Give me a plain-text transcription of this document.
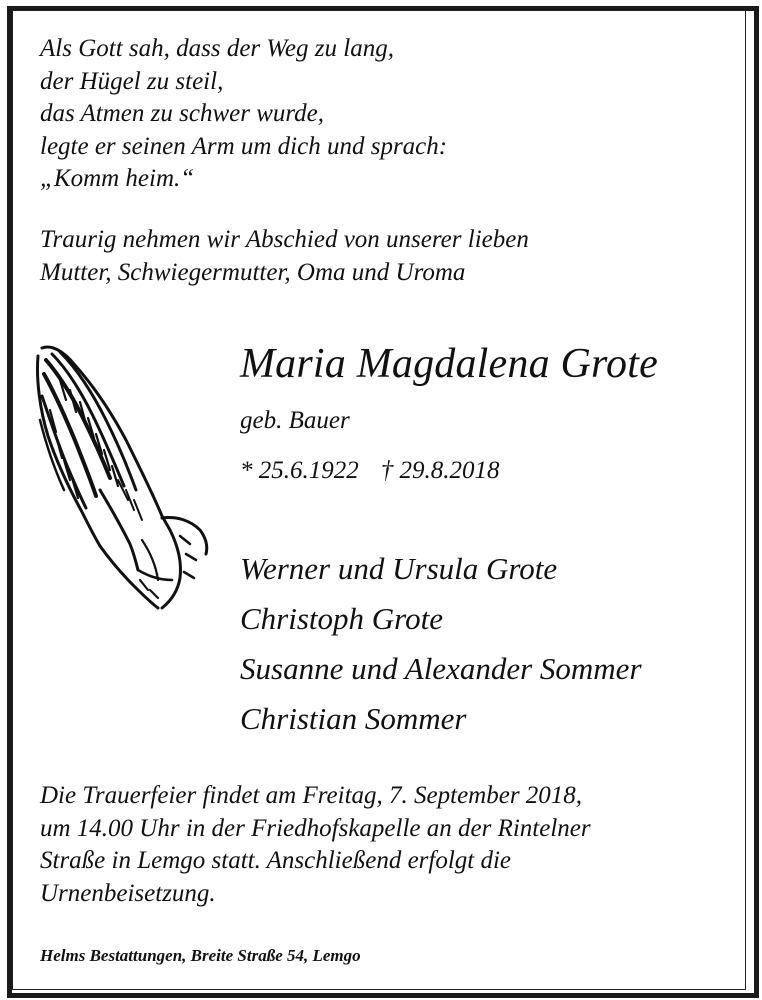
Als Gott sah, dass der Weg zu lang,
der Hügel zu steil,
das Atmen zu schwer wurde,
legte er seinen Arm um dich und sprach:
„Komm heim.“
Traurig nehmen wir Abschied von unserer lieben
Mutter, Schwiegermutter, Oma und Uroma
Maria Magdalena Grote
geb. Bauer
* 25.6.1922 † 29.8.2018
Werner und Ursula Grote
Christoph Grote
Susanne und Alexander Sommer
Christian Sommer
Die Trauerfeier findet am Freitag, 7. September 2018,
um 14.00 Uhr in der Friedhofskapelle an der Rintelner
Straße in Lemgo statt. Anschließend erfolgt die
Urnenbeisetzung.
Helms Bestattungen, Breite Straße 54, Lemgo
